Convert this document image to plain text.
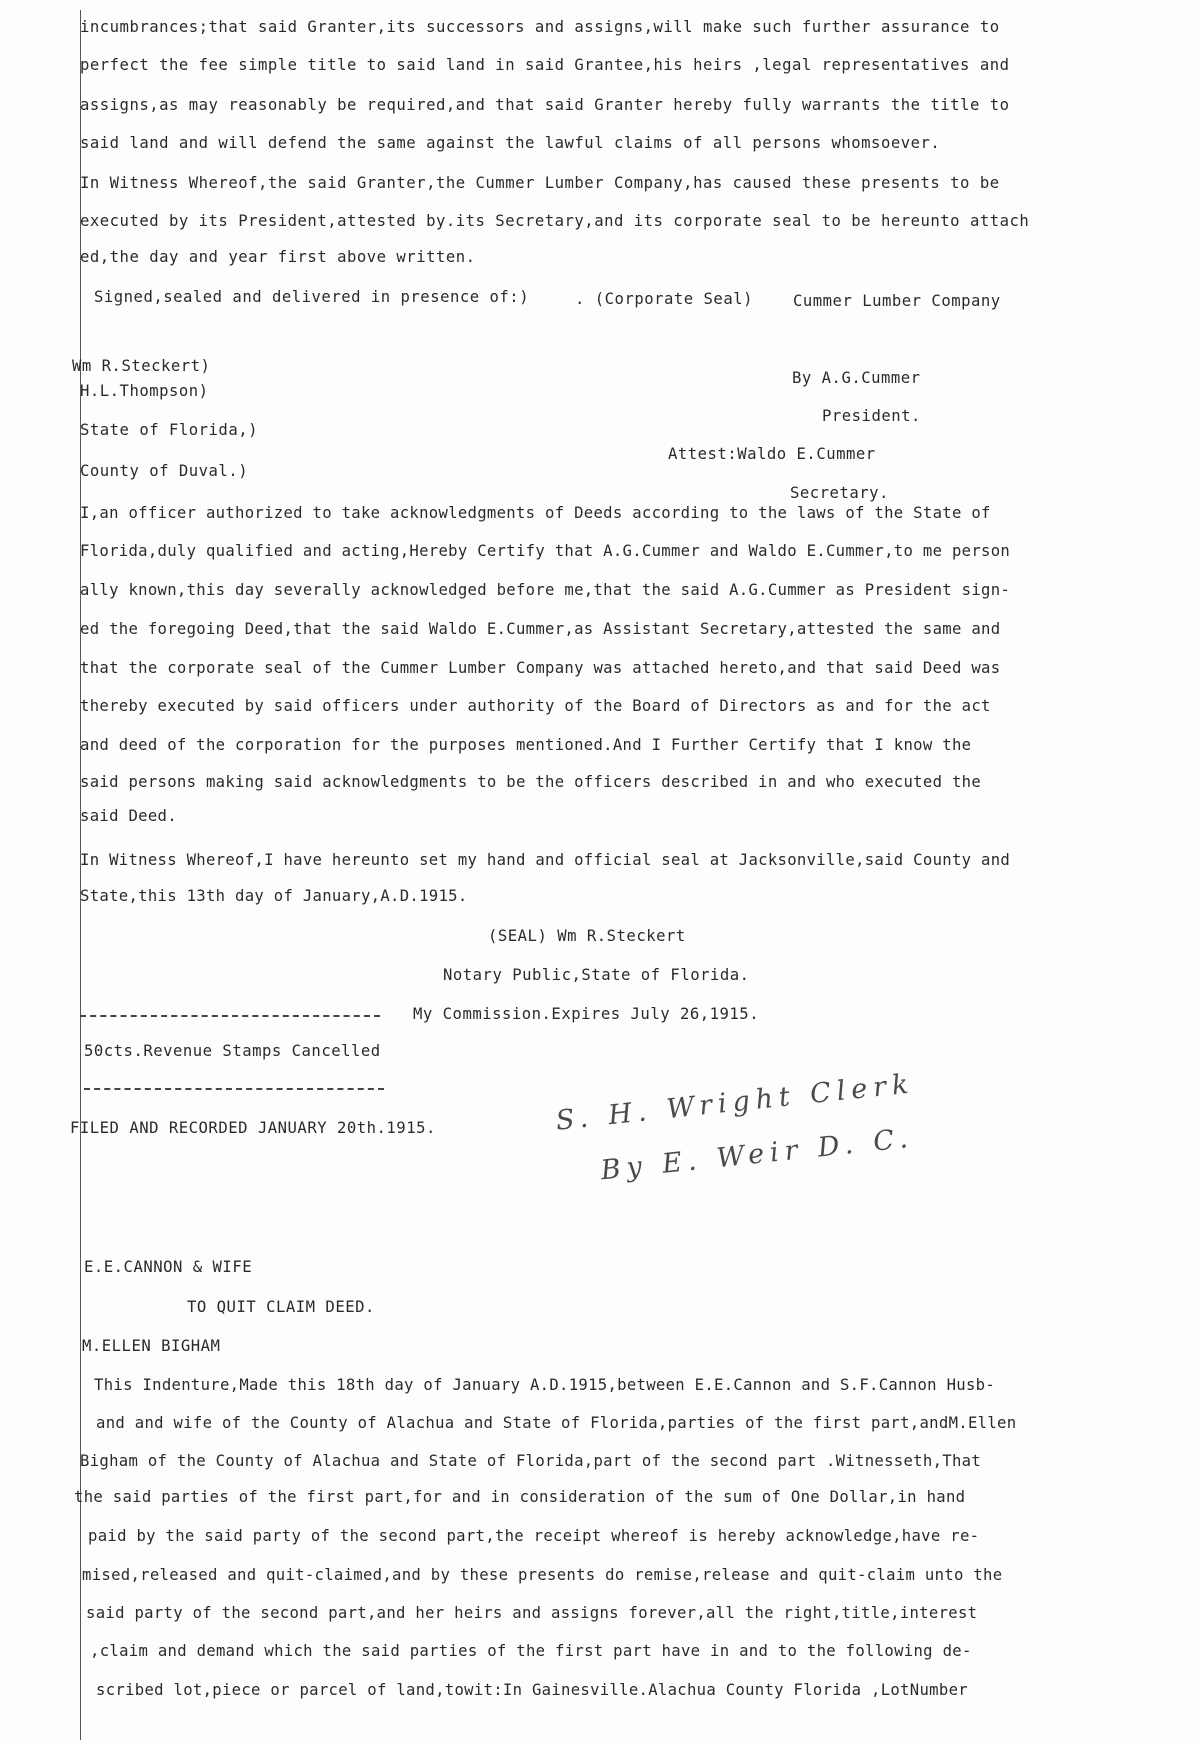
incumbrances;that said Granter,its successors and assigns,will make such further assurance to
perfect the fee simple title to said land in said Grantee,his heirs ,legal representatives and
assigns,as may reasonably be required,and that said Granter hereby fully warrants the title to
said land and will defend the same against the lawful claims of all persons whomsoever.
In Witness Whereof,the said Granter,the Cummer Lumber Company,has caused these presents to be
executed by its President,attested by.its Secretary,and its corporate seal to be hereunto attach
ed,the day and year first above written.
Signed,sealed and delivered in presence of:)	. (Corporate Seal)	Cummer Lumber Company
Wm R.Steckert)
H.L.Thompson)
By A.G.Cummer
President.
State of Florida,)
Attest:Waldo E.Cummer
County of Duval.)
Secretary.
I,an officer authorized to take acknowledgments of Deeds according to the laws of the State of
Florida,duly qualified and acting,Hereby Certify that A.G.Cummer and Waldo E.Cummer,to me person
ally known,this day severally acknowledged before me,that the said A.G.Cummer as President sign-
ed the foregoing Deed,that the said Waldo E.Cummer,as Assistant Secretary,attested the same and
that the corporate seal of the Cummer Lumber Company was attached hereto,and that said Deed was
thereby executed by said officers under authority of the Board of Directors as and for the act
and deed of the corporation for the purposes mentioned.And I Further Certify that I know the
said persons making said acknowledgments to be the officers described in and who executed the
said Deed.
In Witness Whereof,I have hereunto set my hand and official seal at Jacksonville,said County and
State,this 13th day of January,A.D.1915.
(SEAL) Wm R.Steckert
Notary Public,State of Florida.
My Commission.Expires July 26,1915.
50cts.Revenue Stamps Cancelled
FILED AND RECORDED JANUARY 20th.1915.	S. H. Wright Clerk
By E. Weir D. C.
E.E.CANNON & WIFE
TO QUIT CLAIM DEED.
M.ELLEN BIGHAM
This Indenture,Made this 18th day of January A.D.1915,between E.E.Cannon and S.F.Cannon Husb-
and and wife of the County of Alachua and State of Florida,parties of the first part,andM.Ellen
Bigham of the County of Alachua and State of Florida,part of the second part .Witnesseth,That
the said parties of the first part,for and in consideration of the sum of One Dollar,in hand
paid by the said party of the second part,the receipt whereof is hereby acknowledge,have re-
mised,released and quit-claimed,and by these presents do remise,release and quit-claim unto the
said party of the second part,and her heirs and assigns forever,all the right,title,interest
,claim and demand which the said parties of the first part have in and to the following de-
scribed lot,piece or parcel of land,towit:In Gainesville.Alachua County Florida ,LotNumber
